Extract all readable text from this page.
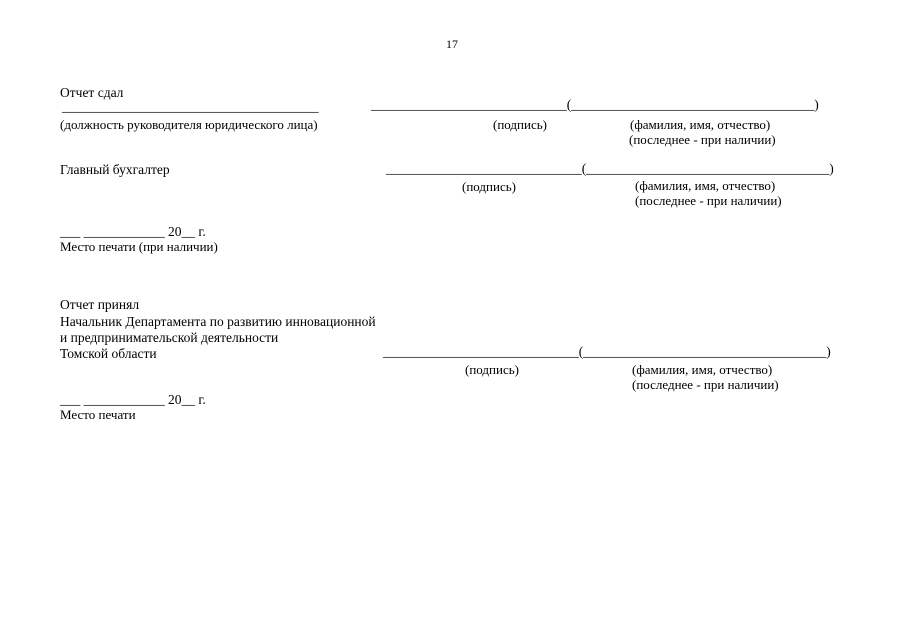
17
Отчет сдал
______________________________________	_____________________________(____________________________________)
(должность руководителя юридического лица)	(подпись)	(фамилия, имя, отчество)
(последнее - при наличии)
Главный бухгалтер	_____________________________(____________________________________)
(подпись)	(фамилия, имя, отчество)
(последнее - при наличии)
___ ____________ 20__ г.
Место печати (при наличии)
Отчет принял
Начальник Департамента по развитию инновационной
и предпринимательской деятельности
Томской области	_____________________________(____________________________________)
(подпись)	(фамилия, имя, отчество)
(последнее - при наличии)
___ ____________ 20__ г.
Место печати
